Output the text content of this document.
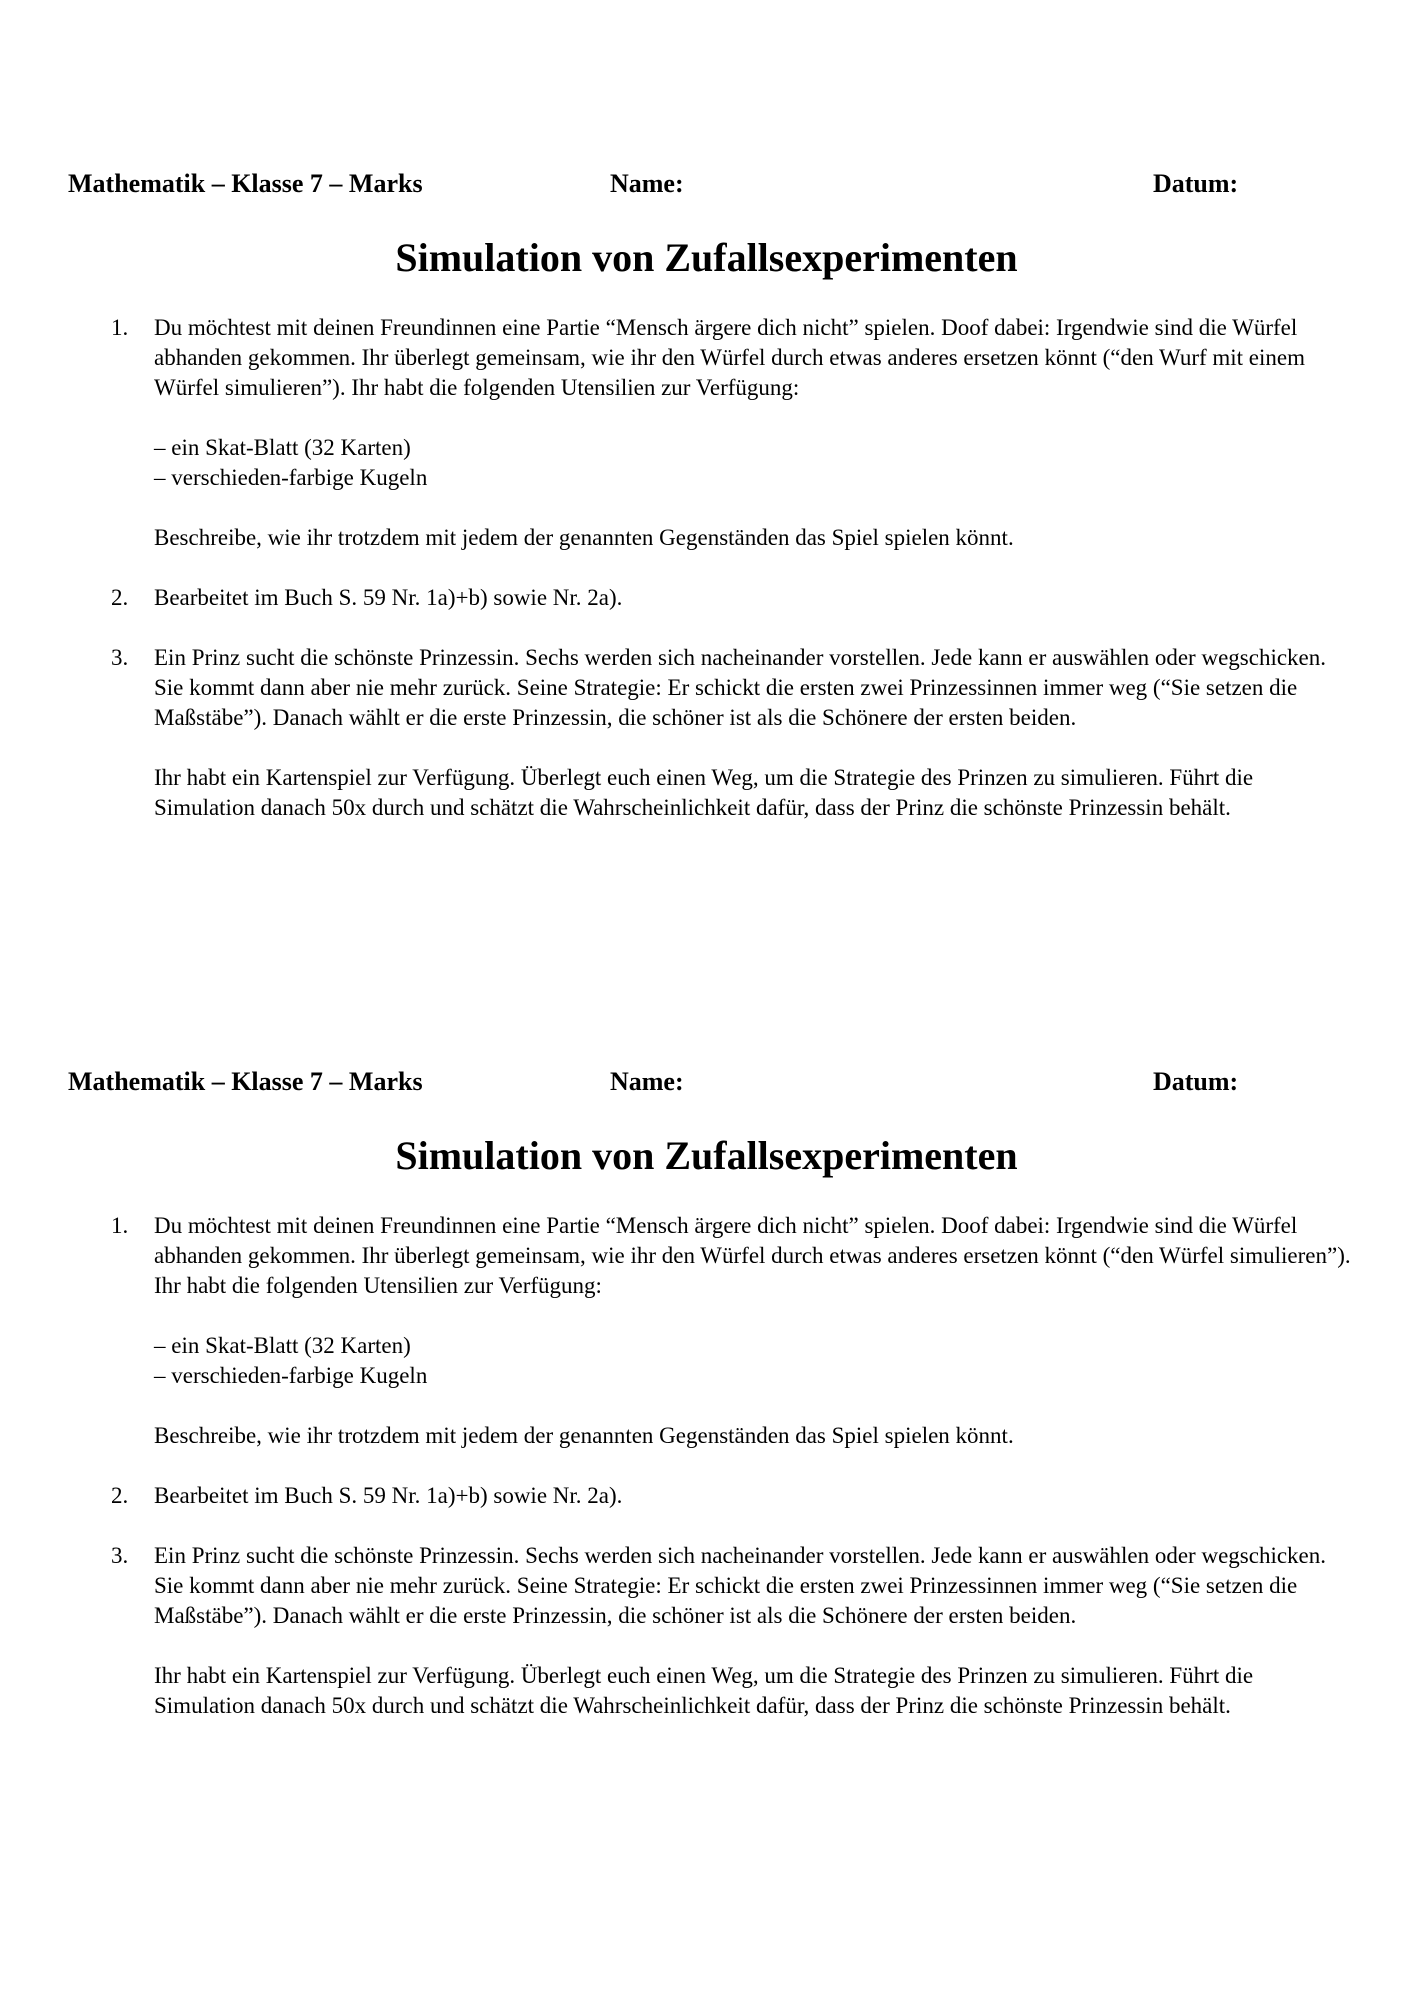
Mathematik – Klasse 7 – Marks	Name:	Datum:
Simulation von Zufallsexperimenten
1. Du möchtest mit deinen Freundinnen eine Partie “Mensch ärgere dich nicht” spielen. Doof dabei: Irgendwie sind die Würfel abhanden gekommen. Ihr überlegt gemeinsam, wie ihr den Würfel durch etwas anderes ersetzen könnt (“den Wurf mit einem Würfel simulieren”). Ihr habt die folgenden Utensilien zur Verfügung:

– ein Skat-Blatt (32 Karten)
– verschieden-farbige Kugeln

Beschreibe, wie ihr trotzdem mit jedem der genannten Gegenständen das Spiel spielen könnt.

2. Bearbeitet im Buch S. 59 Nr. 1a)+b) sowie Nr. 2a).

3. Ein Prinz sucht die schönste Prinzessin. Sechs werden sich nacheinander vorstellen. Jede kann er auswählen oder wegschicken. Sie kommt dann aber nie mehr zurück. Seine Strategie: Er schickt die ersten zwei Prinzessinnen immer weg (“Sie setzen die Maßstäbe”). Danach wählt er die erste Prinzessin, die schöner ist als die Schönere der ersten beiden.

Ihr habt ein Kartenspiel zur Verfügung. Überlegt euch einen Weg, um die Strategie des Prinzen zu simulieren. Führt die Simulation danach 50x durch und schätzt die Wahrscheinlichkeit dafür, dass der Prinz die schönste Prinzessin behält.

Mathematik – Klasse 7 – Marks	Name:	Datum:
Simulation von Zufallsexperimenten
1. Du möchtest mit deinen Freundinnen eine Partie “Mensch ärgere dich nicht” spielen. Doof dabei: Irgendwie sind die Würfel abhanden gekommen. Ihr überlegt gemeinsam, wie ihr den Würfel durch etwas anderes ersetzen könnt (“den Würfel simulieren”). Ihr habt die folgenden Utensilien zur Verfügung:

– ein Skat-Blatt (32 Karten)
– verschieden-farbige Kugeln

Beschreibe, wie ihr trotzdem mit jedem der genannten Gegenständen das Spiel spielen könnt.

2. Bearbeitet im Buch S. 59 Nr. 1a)+b) sowie Nr. 2a).

3. Ein Prinz sucht die schönste Prinzessin. Sechs werden sich nacheinander vorstellen. Jede kann er auswählen oder wegschicken. Sie kommt dann aber nie mehr zurück. Seine Strategie: Er schickt die ersten zwei Prinzessinnen immer weg (“Sie setzen die Maßstäbe”). Danach wählt er die erste Prinzessin, die schöner ist als die Schönere der ersten beiden.

Ihr habt ein Kartenspiel zur Verfügung. Überlegt euch einen Weg, um die Strategie des Prinzen zu simulieren. Führt die Simulation danach 50x durch und schätzt die Wahrscheinlichkeit dafür, dass der Prinz die schönste Prinzessin behält.
